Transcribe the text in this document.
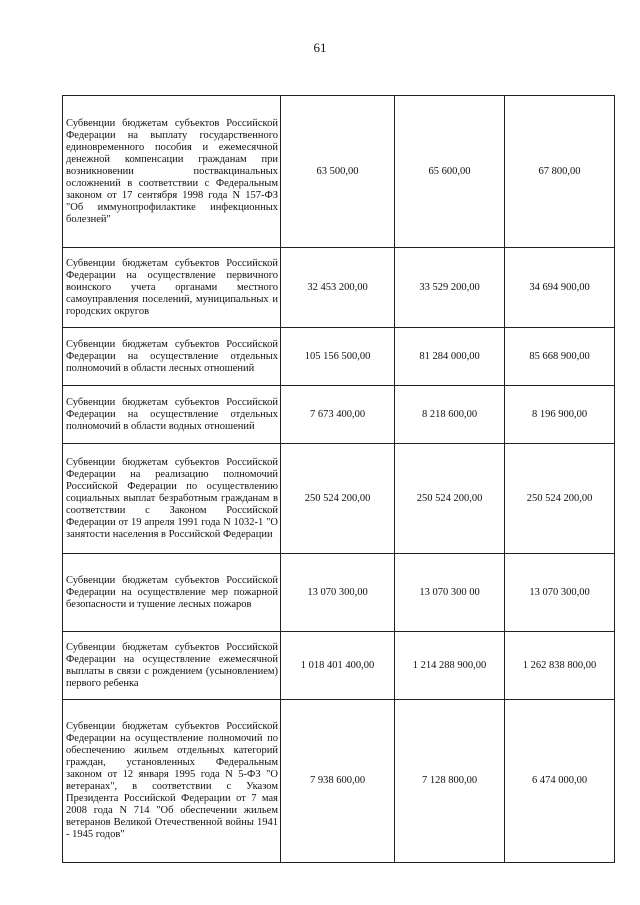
61
Субвенции бюджетам субъектов Российской Федерации на выплату государственного единовременного пособия и ежемесячной денежной компенсации гражданам при возникновении поствакцинальных осложнений в соответствии с Федеральным законом от 17 сентября 1998 года N 157-ФЗ "Об иммунопрофилактике инфекционных болезней"	63 500,00	65 600,00	67 800,00
Субвенции бюджетам субъектов Российской Федерации на осуществление первичного воинского учета органами местного самоуправления поселений, муниципальных и городских округов	32 453 200,00	33 529 200,00	34 694 900,00
Субвенции бюджетам субъектов Российской Федерации на осуществление отдельных полномочий в области лесных отношений	105 156 500,00	81 284 000,00	85 668 900,00
Субвенции бюджетам субъектов Российской Федерации на осуществление отдельных полномочий в области водных отношений	7 673 400,00	8 218 600,00	8 196 900,00
Субвенции бюджетам субъектов Российской Федерации на реализацию полномочий Российской Федерации по осуществлению социальных выплат безработным гражданам в соответствии с Законом Российской Федерации от 19 апреля 1991 года N 1032-1 "О занятости населения в Российской Федерации	250 524 200,00	250 524 200,00	250 524 200,00
Субвенции бюджетам субъектов Российской Федерации на осуществление мер пожарной безопасности и тушение лесных пожаров	13 070 300,00	13 070 300 00	13 070 300,00
Субвенции бюджетам субъектов Российской Федерации на осуществление ежемесячной выплаты в связи с рождением (усыновлением) первого ребенка	1 018 401 400,00	1 214 288 900,00	1 262 838 800,00
Субвенции бюджетам субъектов Российской Федерации на осуществление полномочий по обеспечению жильем отдельных категорий граждан, установленных Федеральным законом от 12 января 1995 года N 5-ФЗ "О ветеранах", в соответствии с Указом Президента Российской Федерации от 7 мая 2008 года N 714 "Об обеспечении жильем ветеранов Великой Отечественной войны 1941 - 1945 годов"	7 938 600,00	7 128 800,00	6 474 000,00
